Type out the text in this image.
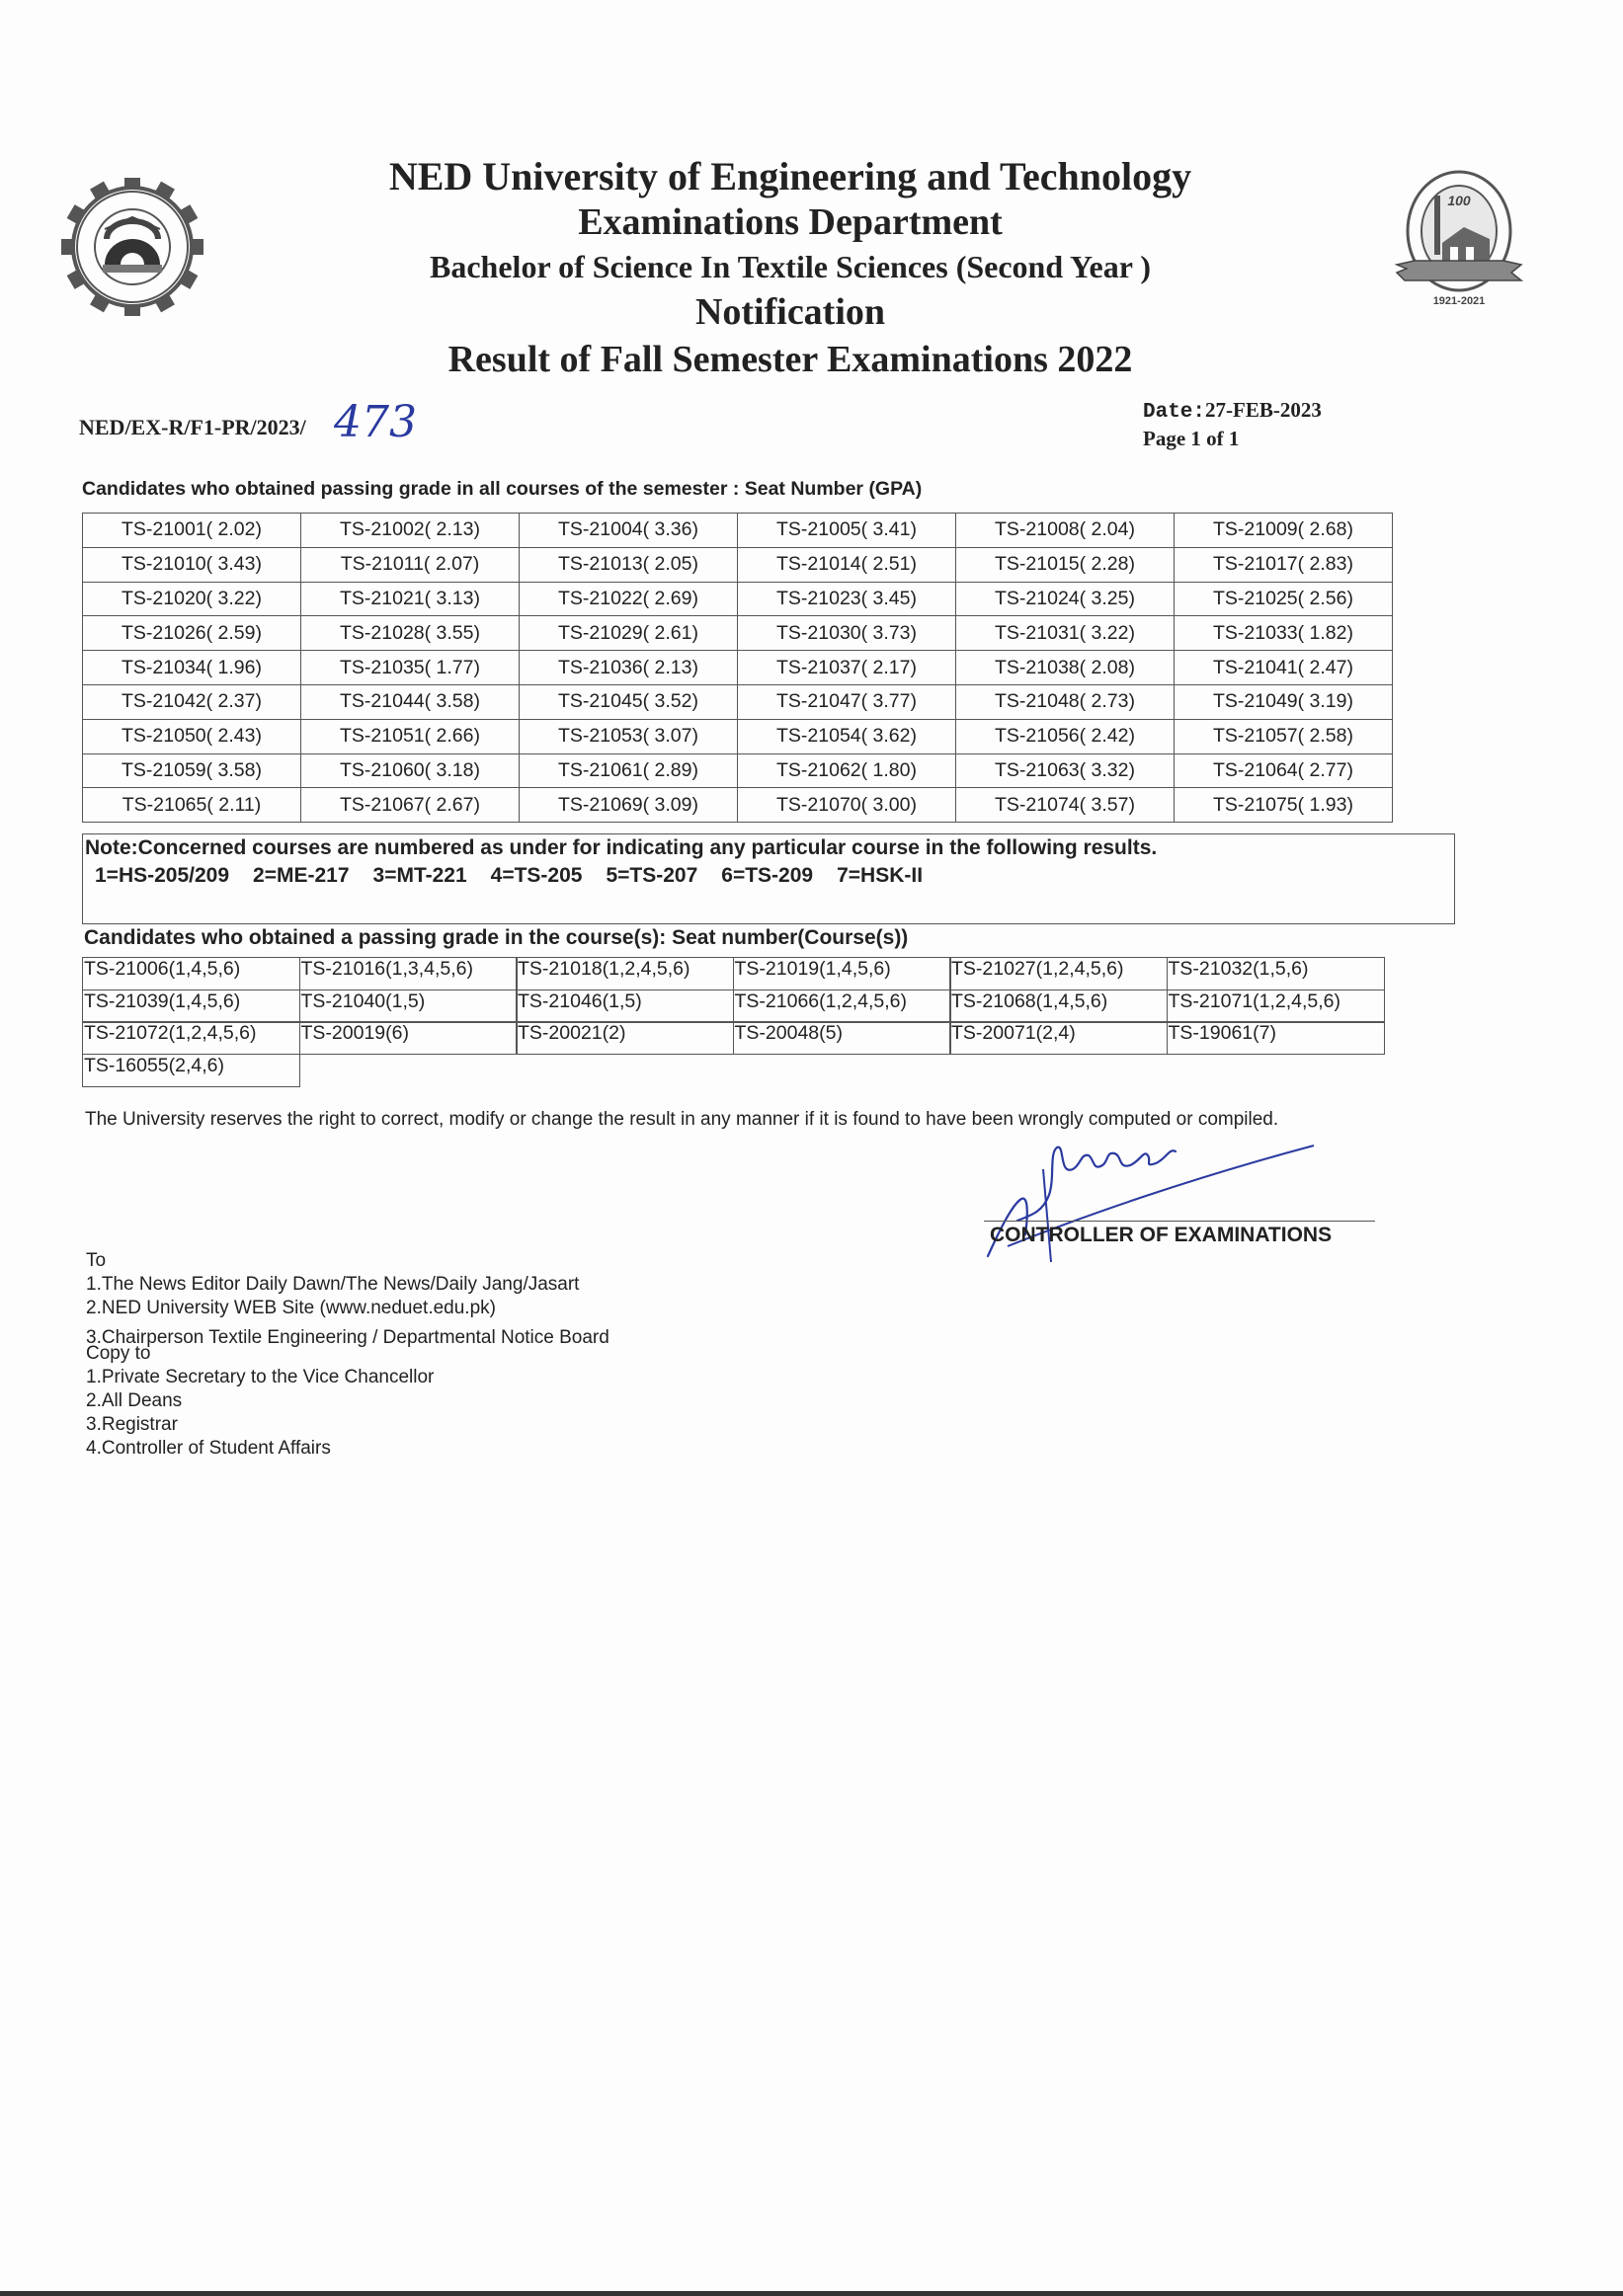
100
1921-2021
NED University of Engineering and Technology
Examinations Department
Bachelor of Science In Textile Sciences (Second Year )
Notification
Result of Fall Semester Examinations 2022
NED/EX-R/F1-PR/2023/ 473	Date:27-FEB-2023
Page 1 of 1
Candidates who obtained passing grade in all courses of the semester : Seat Number (GPA)
TS-21001( 2.02)	TS-21002( 2.13)	TS-21004( 3.36)	TS-21005( 3.41)	TS-21008( 2.04)	TS-21009( 2.68)
TS-21010( 3.43)	TS-21011( 2.07)	TS-21013( 2.05)	TS-21014( 2.51)	TS-21015( 2.28)	TS-21017( 2.83)
TS-21020( 3.22)	TS-21021( 3.13)	TS-21022( 2.69)	TS-21023( 3.45)	TS-21024( 3.25)	TS-21025( 2.56)
TS-21026( 2.59)	TS-21028( 3.55)	TS-21029( 2.61)	TS-21030( 3.73)	TS-21031( 3.22)	TS-21033( 1.82)
TS-21034( 1.96)	TS-21035( 1.77)	TS-21036( 2.13)	TS-21037( 2.17)	TS-21038( 2.08)	TS-21041( 2.47)
TS-21042( 2.37)	TS-21044( 3.58)	TS-21045( 3.52)	TS-21047( 3.77)	TS-21048( 2.73)	TS-21049( 3.19)
TS-21050( 2.43)	TS-21051( 2.66)	TS-21053( 3.07)	TS-21054( 3.62)	TS-21056( 2.42)	TS-21057( 2.58)
TS-21059( 3.58)	TS-21060( 3.18)	TS-21061( 2.89)	TS-21062( 1.80)	TS-21063( 3.32)	TS-21064( 2.77)
TS-21065( 2.11)	TS-21067( 2.67)	TS-21069( 3.09)	TS-21070( 3.00)	TS-21074( 3.57)	TS-21075( 1.93)
Note:Concerned courses are numbered as under for indicating any particular course in the following results.
1=HS-205/209 2=ME-217 3=MT-221 4=TS-205 5=TS-207 6=TS-209 7=HSK-II
Candidates who obtained a passing grade in the course(s): Seat number(Course(s))
TS-21006(1,4,5,6)	TS-21016(1,3,4,5,6)	TS-21018(1,2,4,5,6)	TS-21019(1,4,5,6)	TS-21027(1,2,4,5,6)	TS-21032(1,5,6)
TS-21039(1,4,5,6)	TS-21040(1,5)	TS-21046(1,5)	TS-21066(1,2,4,5,6)	TS-21068(1,4,5,6)	TS-21071(1,2,4,5,6)
TS-21072(1,2,4,5,6)	TS-20019(6)	TS-20021(2)	TS-20048(5)	TS-20071(2,4)	TS-19061(7)
TS-16055(2,4,6)
The University reserves the right to correct, modify or change the result in any manner if it is found to have been wrongly computed or compiled.
CONTROLLER OF EXAMINATIONS
To
1.The News Editor Daily Dawn/The News/Daily Jang/Jasart
2.NED University WEB Site (www.neduet.edu.pk)
3.Chairperson Textile Engineering / Departmental Notice Board
Copy to
1.Private Secretary to the Vice Chancellor
2.All Deans
3.Registrar
4.Controller of Student Affairs
